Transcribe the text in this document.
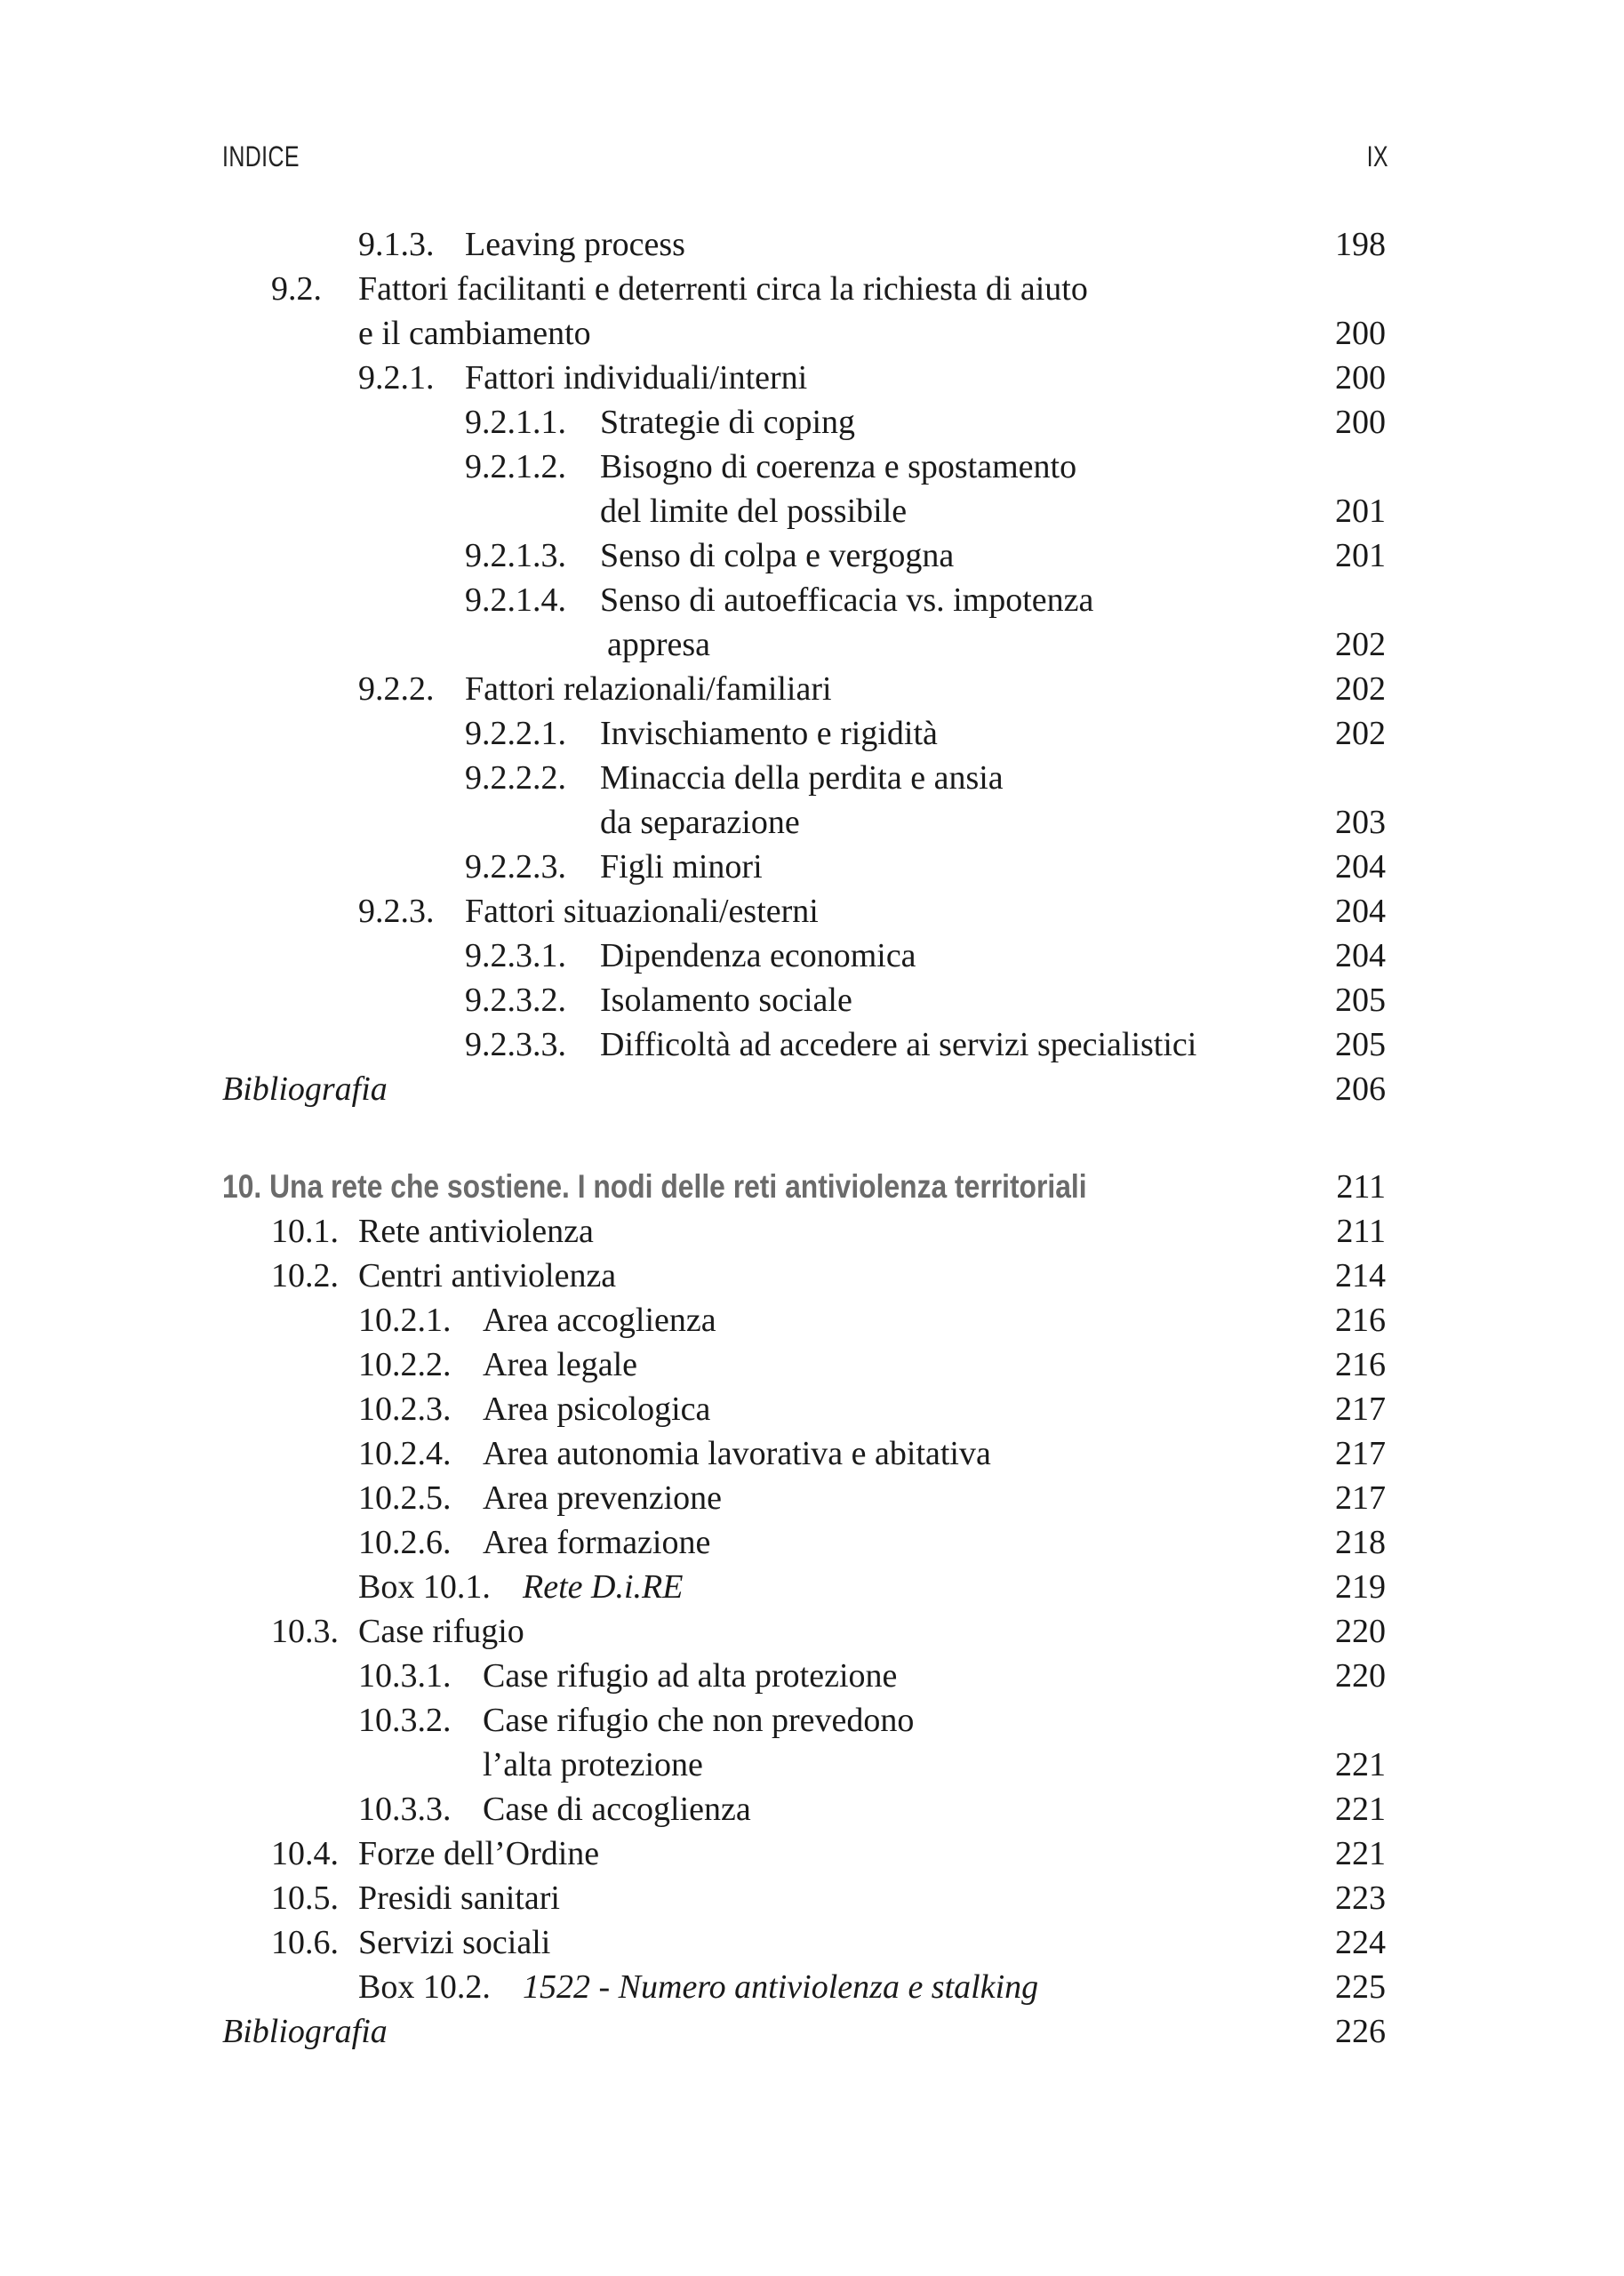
INDICE	IX
9.1.3. Leaving process	198
9.2. Fattori facilitanti e deterrenti circa la richiesta di aiuto
e il cambiamento	200
9.2.1. Fattori individuali/interni	200
9.2.1.1. Strategie di coping	200
9.2.1.2. Bisogno di coerenza e spostamento
del limite del possibile	201
9.2.1.3. Senso di colpa e vergogna	201
9.2.1.4. Senso di autoefficacia vs. impotenza
appresa	202
9.2.2. Fattori relazionali/familiari	202
9.2.2.1. Invischiamento e rigidità	202
9.2.2.2. Minaccia della perdita e ansia
da separazione	203
9.2.2.3. Figli minori	204
9.2.3. Fattori situazionali/esterni	204
9.2.3.1. Dipendenza economica	204
9.2.3.2. Isolamento sociale	205
9.2.3.3. Difficoltà ad accedere ai servizi specialistici	205
Bibliografia	206
10. Una rete che sostiene. I nodi delle reti antiviolenza territoriali	211
10.1. Rete antiviolenza	211
10.2. Centri antiviolenza	214
10.2.1. Area accoglienza	216
10.2.2. Area legale	216
10.2.3. Area psicologica	217
10.2.4. Area autonomia lavorativa e abitativa	217
10.2.5. Area prevenzione	217
10.2.6. Area formazione	218
Box 10.1. Rete D.i.RE	219
10.3. Case rifugio	220
10.3.1. Case rifugio ad alta protezione	220
10.3.2. Case rifugio che non prevedono
l’alta protezione	221
10.3.3. Case di accoglienza	221
10.4. Forze dell’Ordine	221
10.5. Presidi sanitari	223
10.6. Servizi sociali	224
Box 10.2. 1522 - Numero antiviolenza e stalking	225
Bibliografia	226
